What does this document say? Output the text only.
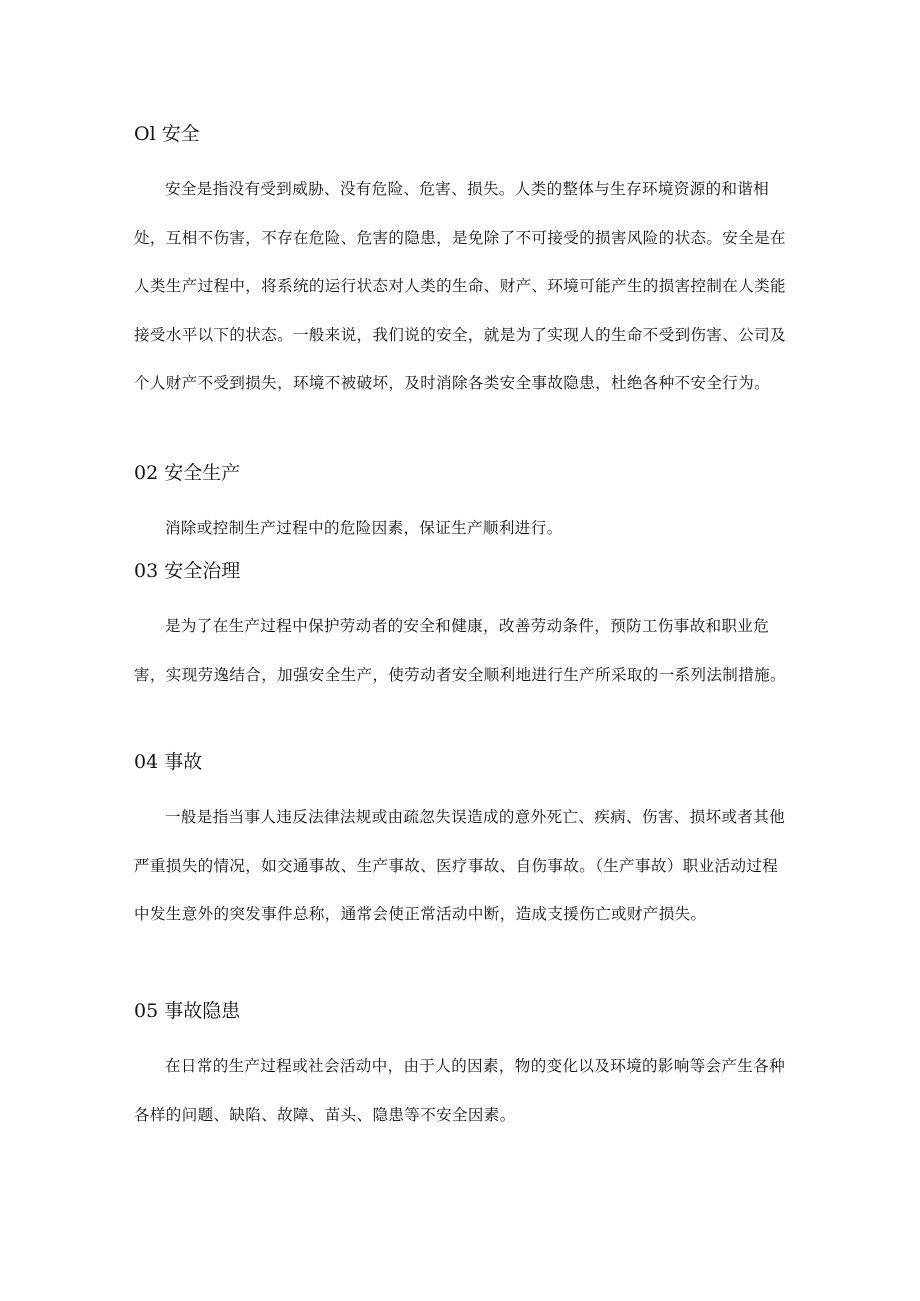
Ol 安全

安全是指没有受到威胁、没有危险、危害、损失。人类的整体与生存环境资源的和谐相处，互相不伤害，不存在危险、危害的隐患，是免除了不可接受的损害风险的状态。安全是在人类生产过程中，将系统的运行状态对人类的生命、财产、环境可能产生的损害控制在人类能接受水平以下的状态。一般来说，我们说的安全，就是为了实现人的生命不受到伤害、公司及个人财产不受到损失，环境不被破坏，及时消除各类安全事故隐患，杜绝各种不安全行为。

02 安全生产

消除或控制生产过程中的危险因素，保证生产顺利进行。

03 安全治理

是为了在生产过程中保护劳动者的安全和健康，改善劳动条件，预防工伤事故和职业危害，实现劳逸结合，加强安全生产，使劳动者安全顺利地进行生产所采取的一系列法制措施。

04 事故

一般是指当事人违反法律法规或由疏忽失误造成的意外死亡、疾病、伤害、损坏或者其他严重损失的情况，如交通事故、生产事故、医疗事故、自伤事故。（生产事故）职业活动过程中发生意外的突发事件总称，通常会使正常活动中断，造成支援伤亡或财产损失。

05 事故隐患

在日常的生产过程或社会活动中，由于人的因素，物的变化以及环境的影响等会产生各种各样的问题、缺陷、故障、苗头、隐患等不安全因素。
